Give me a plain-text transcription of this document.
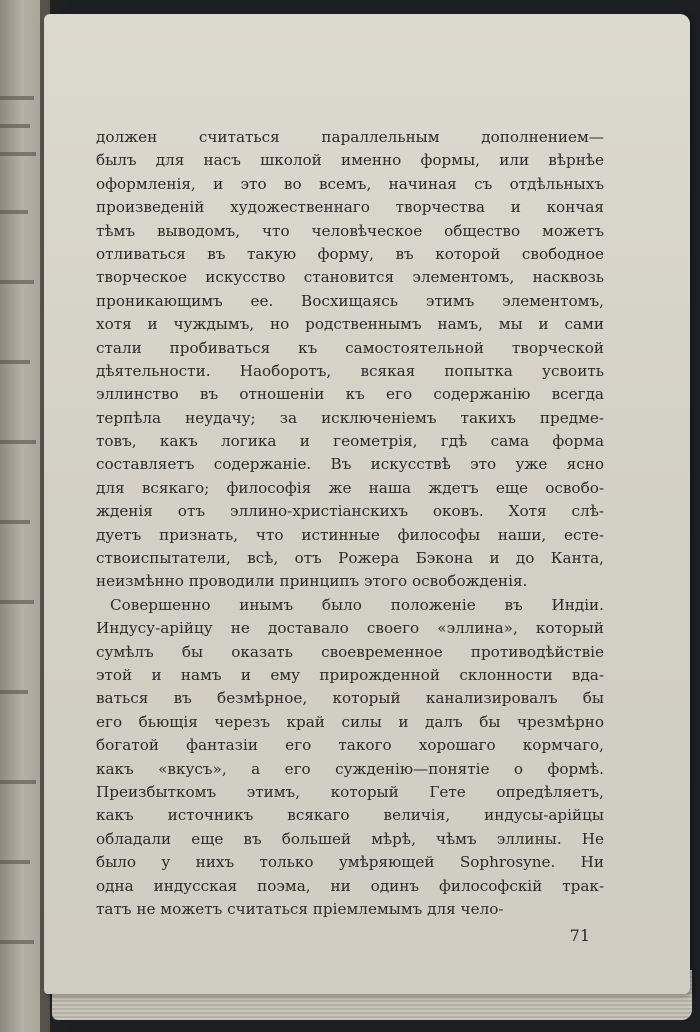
должен считаться параллельным дополнением—
былъ для насъ школой именно формы, или вѣрнѣе
оформленія, и это во всемъ, начиная съ отдѣльныхъ
произведеній художественнаго творчества и кончая
тѣмъ выводомъ, что человѣческое общество можетъ
отливаться въ такую форму, въ которой свободное
творческое искусство становится элементомъ, насквозь
проникающимъ ее. Восхищаясь этимъ элементомъ,
хотя и чуждымъ, но родственнымъ намъ, мы и сами
стали пробиваться къ самостоятельной творческой
дѣятельности. Наоборотъ, всякая попытка усвоить
эллинство въ отношеніи къ его содержанію всегда
терпѣла неудачу; за исключеніемъ такихъ предме-
товъ, какъ логика и геометрія, гдѣ сама форма
составляетъ содержаніе. Въ искусствѣ это уже ясно
для всякаго; философія же наша ждетъ еще освобо-
жденія отъ эллино-христіанскихъ оковъ. Хотя слѣ-
дуетъ признать, что истинные философы наши, есте-
ствоиспытатели, всѣ, отъ Рожера Бэкона и до Канта,
неизмѣнно проводили принципъ этого освобожденія.
Совершенно инымъ было положеніе въ Индіи.
Индусу-арійцу не доставало своего «эллина», который
сумѣлъ бы оказать своевременное противодѣйствіе
этой и намъ и ему прирожденной склонности вда-
ваться въ безмѣрное, который канализировалъ бы
его бьющія черезъ край силы и далъ бы чрезмѣрно
богатой фантазіи его такого хорошаго кормчаго,
какъ «вкусъ», а его сужденію—понятіе о формѣ.
Преизбыткомъ этимъ, который Гете опредѣляетъ,
какъ источникъ всякаго величія, индусы-арійцы
обладали еще въ большей мѣрѣ, чѣмъ эллины. Не
было у нихъ только умѣряющей Sophrosyne. Ни
одна индусская поэма, ни одинъ философскій трак-
татъ не можетъ считаться пріемлемымъ для чело-
71
